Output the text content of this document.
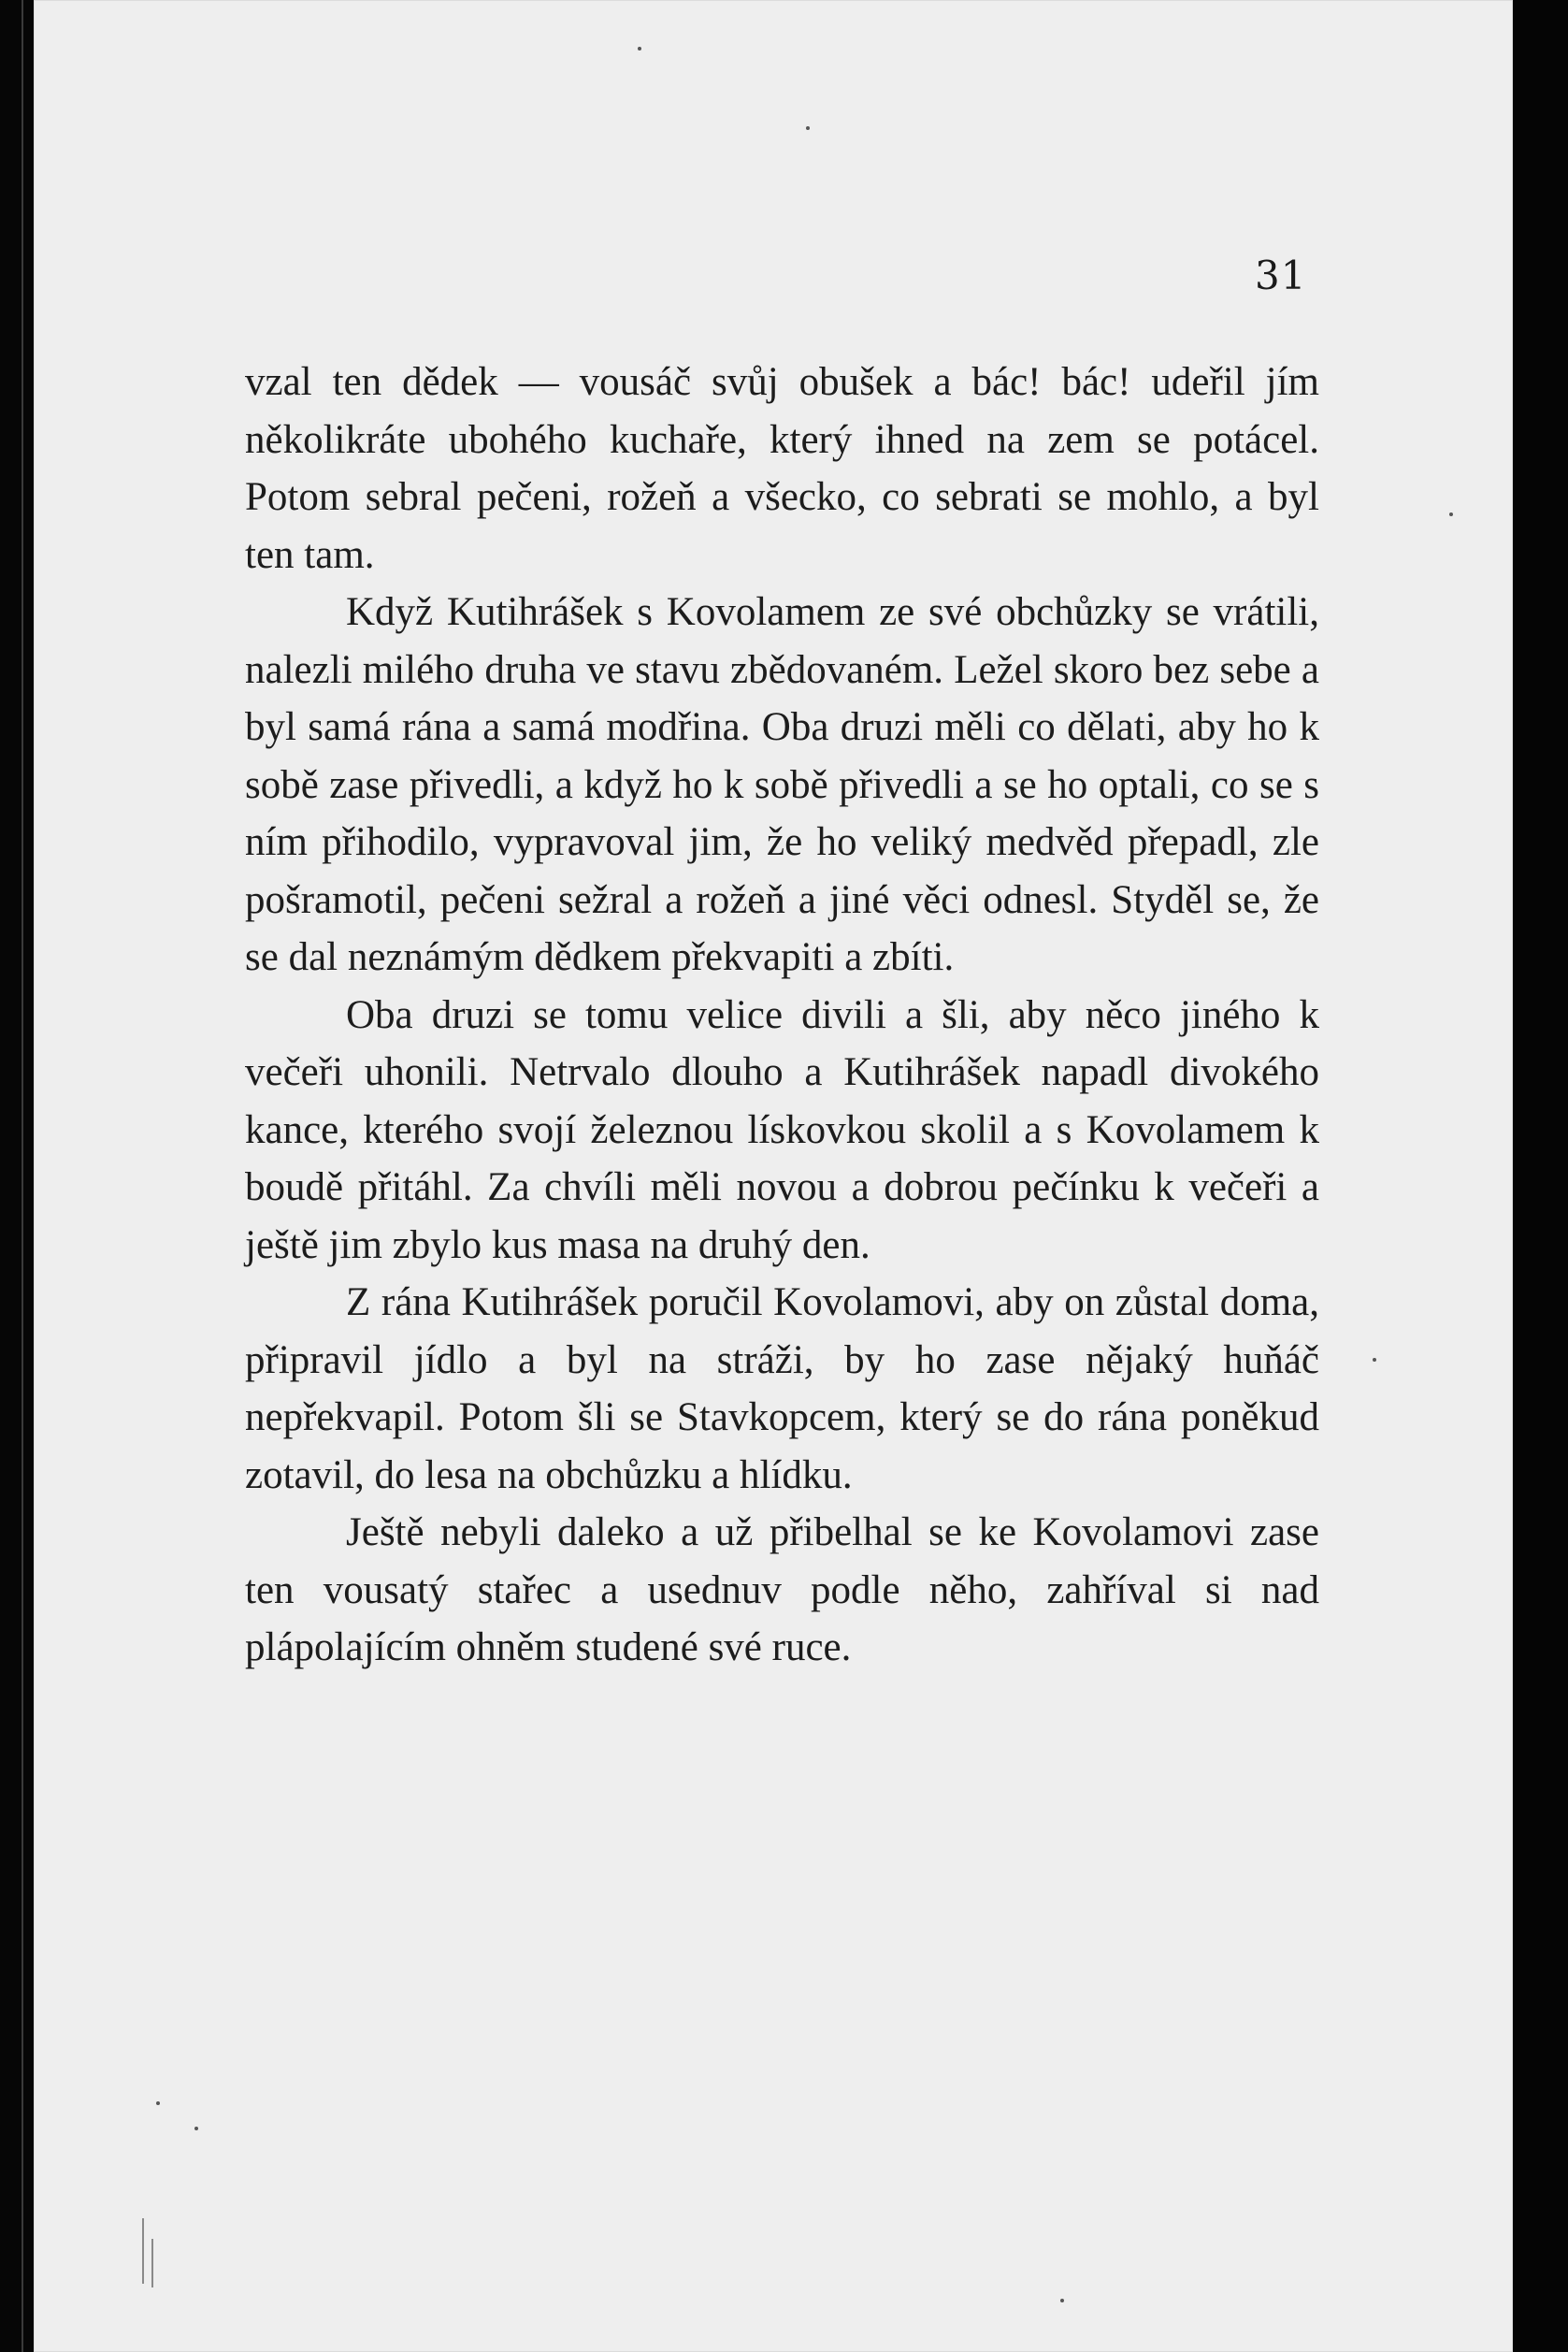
31

vzal ten dědek — vousáč svůj obušek a bác! bác! udeřil jím několikráte ubohého kuchaře, který ihned na zem se potácel. Potom sebral pečeni, rožeň a všecko, co sebrati se mohlo, a byl ten tam.

Když Kutihrášek s Kovolamem ze své obchůzky se vrátili, nalezli milého druha ve stavu zbědovaném. Ležel skoro bez sebe a byl samá rána a samá modřina. Oba druzi měli co dělati, aby ho k sobě zase přivedli, a když ho k sobě přivedli a se ho optali, co se s ním přihodilo, vypravoval jim, že ho veliký medvěd přepadl, zle pošramotil, pečeni sežral a rožeň a jiné věci odnesl. Styděl se, že se dal neznámým dědkem překvapiti a zbíti.

Oba druzi se tomu velice divili a šli, aby něco jiného k večeři uhonili. Netrvalo dlouho a Kutihrášek napadl divokého kance, kterého svojí železnou lískovkou skolil a s Kovolamem k boudě přitáhl. Za chvíli měli novou a dobrou pečínku k večeři a ještě jim zbylo kus masa na druhý den.

Z rána Kutihrášek poručil Kovolamovi, aby on zůstal doma, připravil jídlo a byl na stráži, by ho zase nějaký huňáč nepřekvapil. Potom šli se Stavkopcem, který se do rána poněkud zotavil, do lesa na obchůzku a hlídku.

Ještě nebyli daleko a už přibelhal se ke Kovolamovi zase ten vousatý stařec a usednuv podle něho, zahříval si nad plápolajícím ohněm studené své ruce.
